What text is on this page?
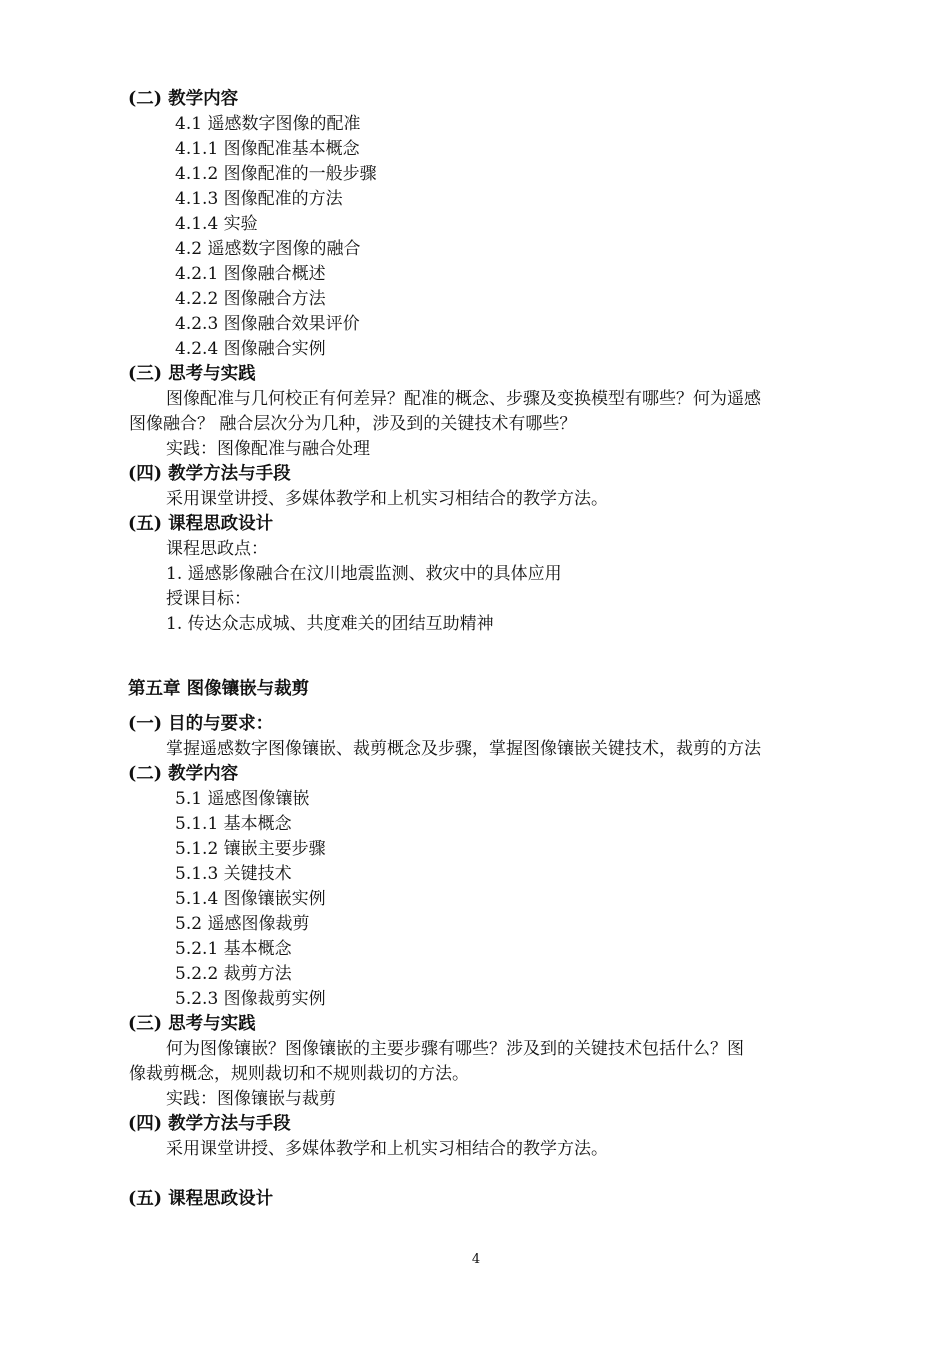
(二) 教学内容
4.1 遥感数字图像的配准
4.1.1 图像配准基本概念
4.1.2 图像配准的一般步骤
4.1.3 图像配准的方法
4.1.4 实验
4.2 遥感数字图像的融合
4.2.1 图像融合概述
4.2.2 图像融合方法
4.2.3 图像融合效果评价
4.2.4 图像融合实例
(三) 思考与实践
图像配准与几何校正有何差异？配准的概念、步骤及变换模型有哪些？何为遥感
图像融合？ 融合层次分为几种，涉及到的关键技术有哪些？
实践：图像配准与融合处理
(四) 教学方法与手段
采用课堂讲授、多媒体教学和上机实习相结合的教学方法。
(五) 课程思政设计
课程思政点：
1. 遥感影像融合在汶川地震监测、救灾中的具体应用
授课目标：
1. 传达众志成城、共度难关的团结互助精神
第五章 图像镶嵌与裁剪
(一) 目的与要求：
掌握遥感数字图像镶嵌、裁剪概念及步骤，掌握图像镶嵌关键技术，裁剪的方法
(二) 教学内容
5.1 遥感图像镶嵌
5.1.1 基本概念
5.1.2 镶嵌主要步骤
5.1.3 关键技术
5.1.4 图像镶嵌实例
5.2 遥感图像裁剪
5.2.1 基本概念
5.2.2 裁剪方法
5.2.3 图像裁剪实例
(三) 思考与实践
何为图像镶嵌？图像镶嵌的主要步骤有哪些？涉及到的关键技术包括什么？图
像裁剪概念，规则裁切和不规则裁切的方法。
实践：图像镶嵌与裁剪
(四) 教学方法与手段
采用课堂讲授、多媒体教学和上机实习相结合的教学方法。
(五) 课程思政设计
4
